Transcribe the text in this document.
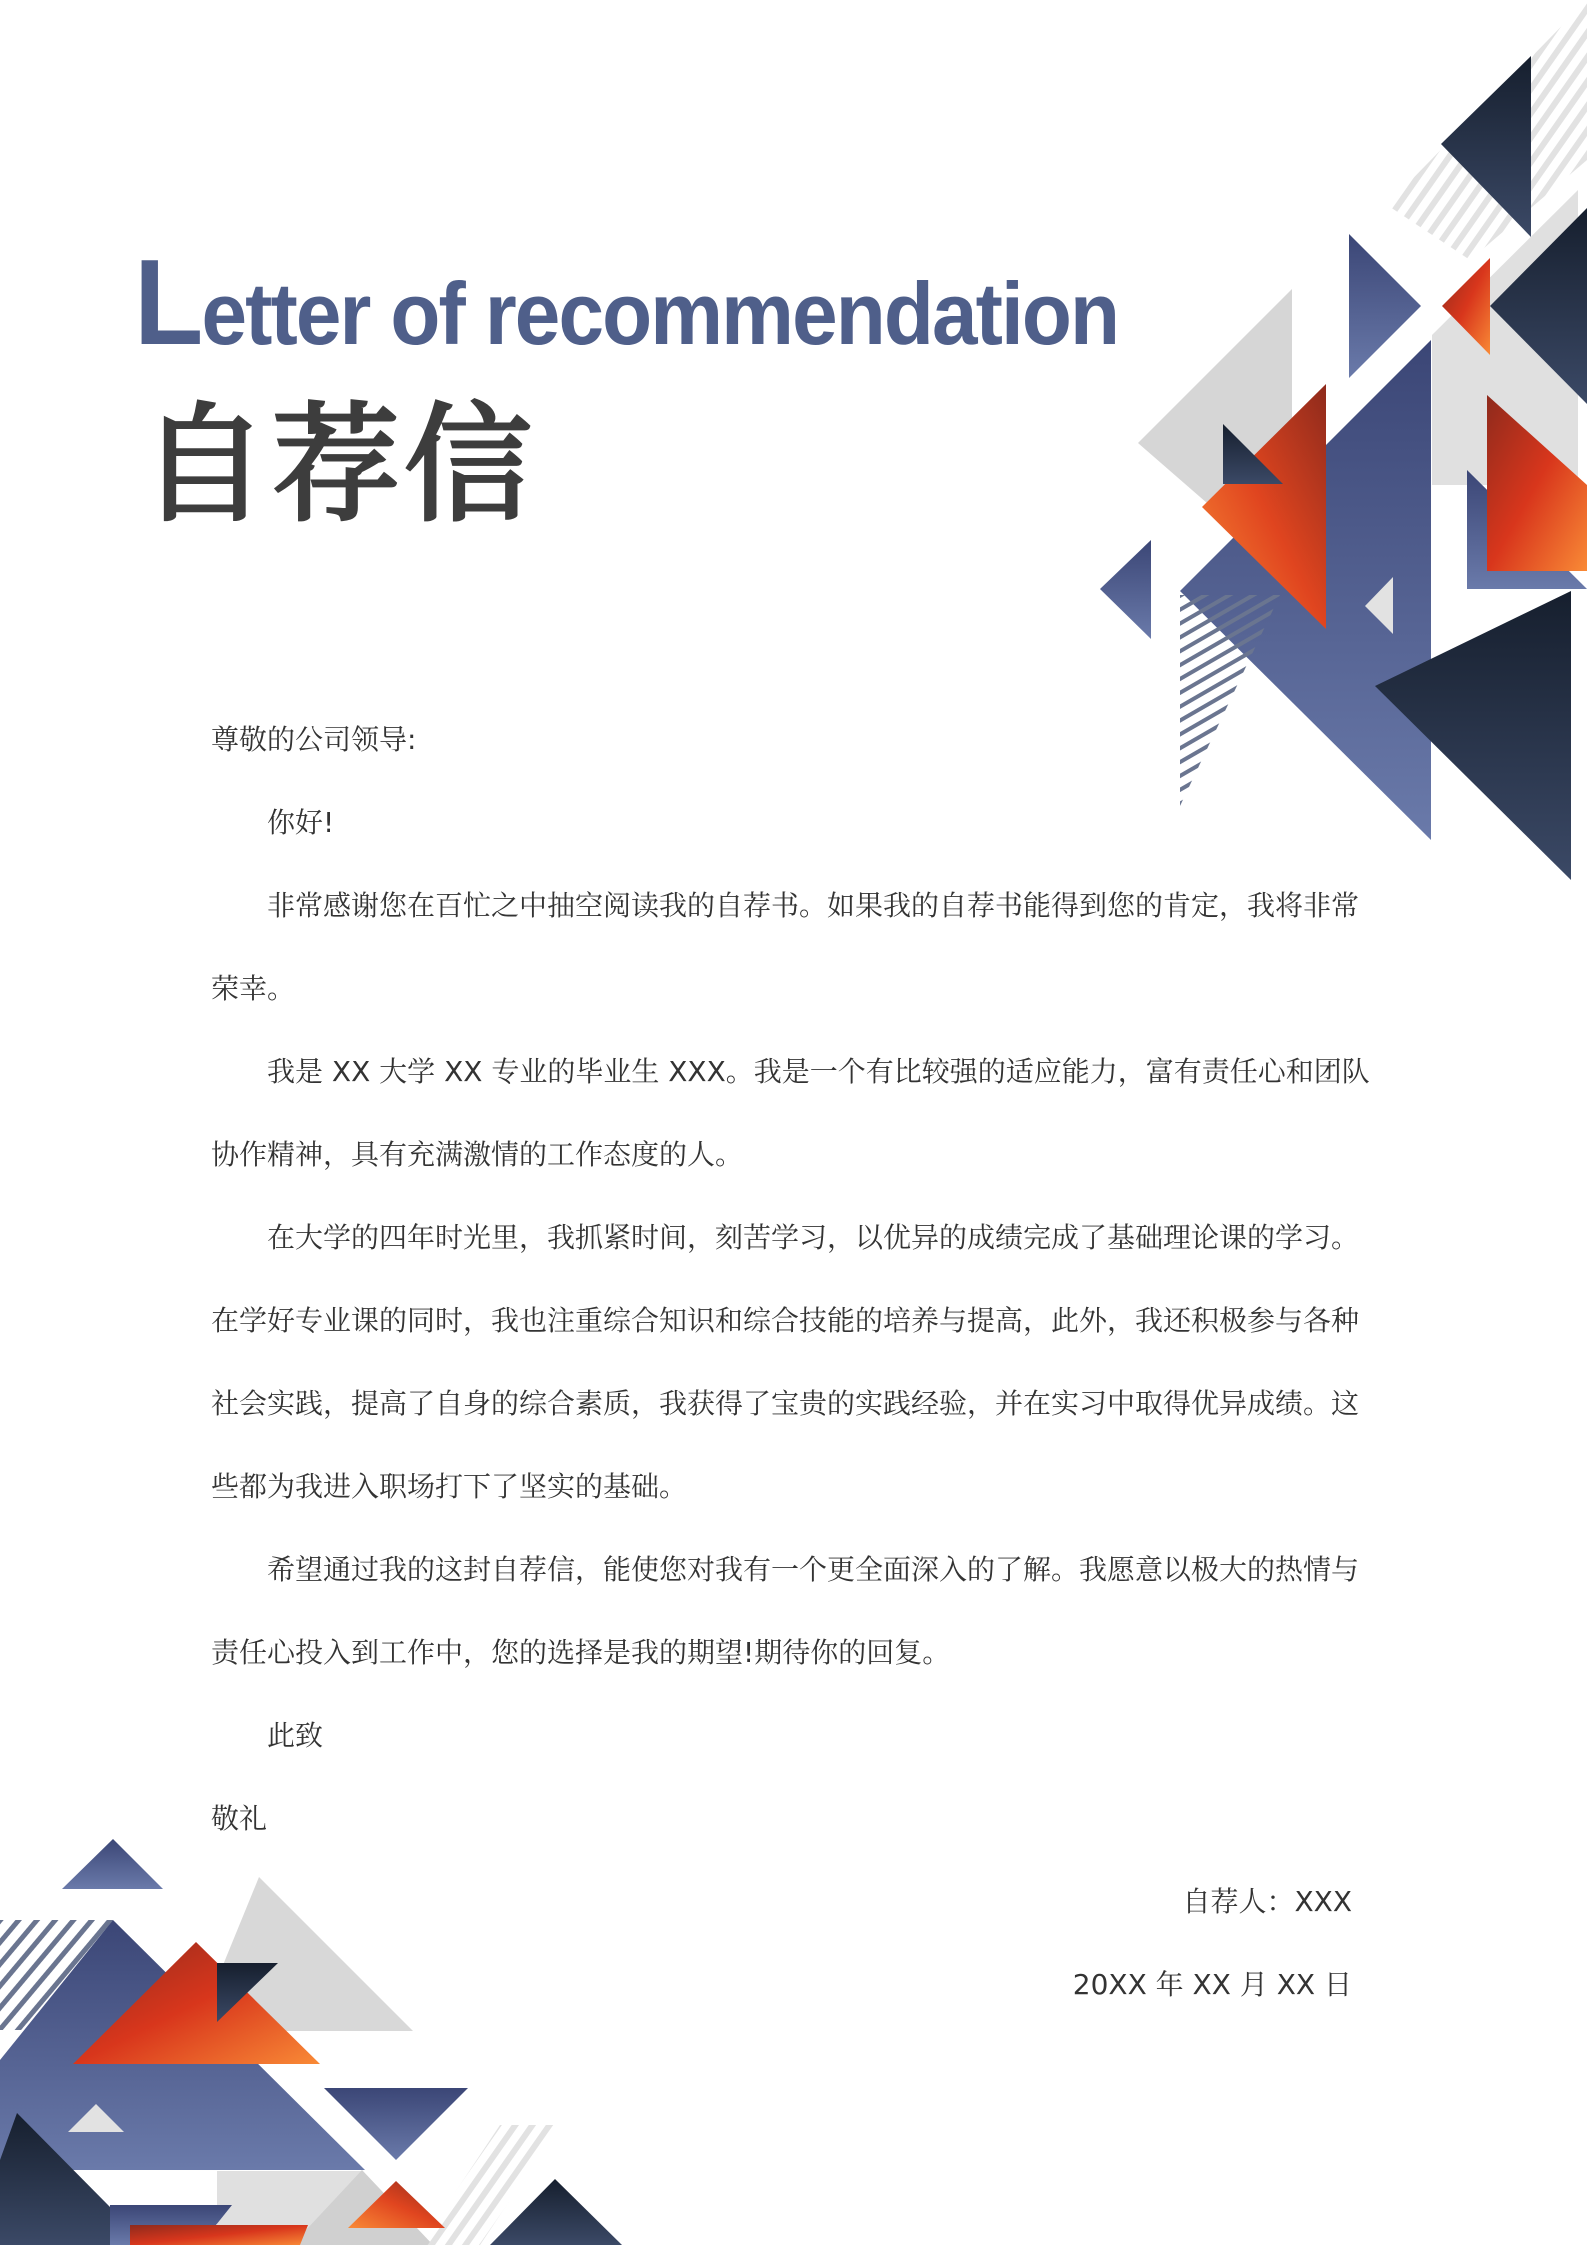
Letter of recommendation
自荐信
尊敬的公司领导:
你好!
非常感谢您在百忙之中抽空阅读我的自荐书。如果我的自荐书能得到您的肯定，我将非常
荣幸。
我是 XX 大学 XX 专业的毕业生 XXX。我是一个有比较强的适应能力，富有责任心和团队
协作精神，具有充满激情的工作态度的人。
在大学的四年时光里，我抓紧时间，刻苦学习，以优异的成绩完成了基础理论课的学习。
在学好专业课的同时，我也注重综合知识和综合技能的培养与提高，此外，我还积极参与各种
社会实践，提高了自身的综合素质，我获得了宝贵的实践经验，并在实习中取得优异成绩。这
些都为我进入职场打下了坚实的基础。
希望通过我的这封自荐信，能使您对我有一个更全面深入的了解。我愿意以极大的热情与
责任心投入到工作中，您的选择是我的期望!期待你的回复。
此致
敬礼
自荐人：XXX
20XX 年 XX 月 XX 日
